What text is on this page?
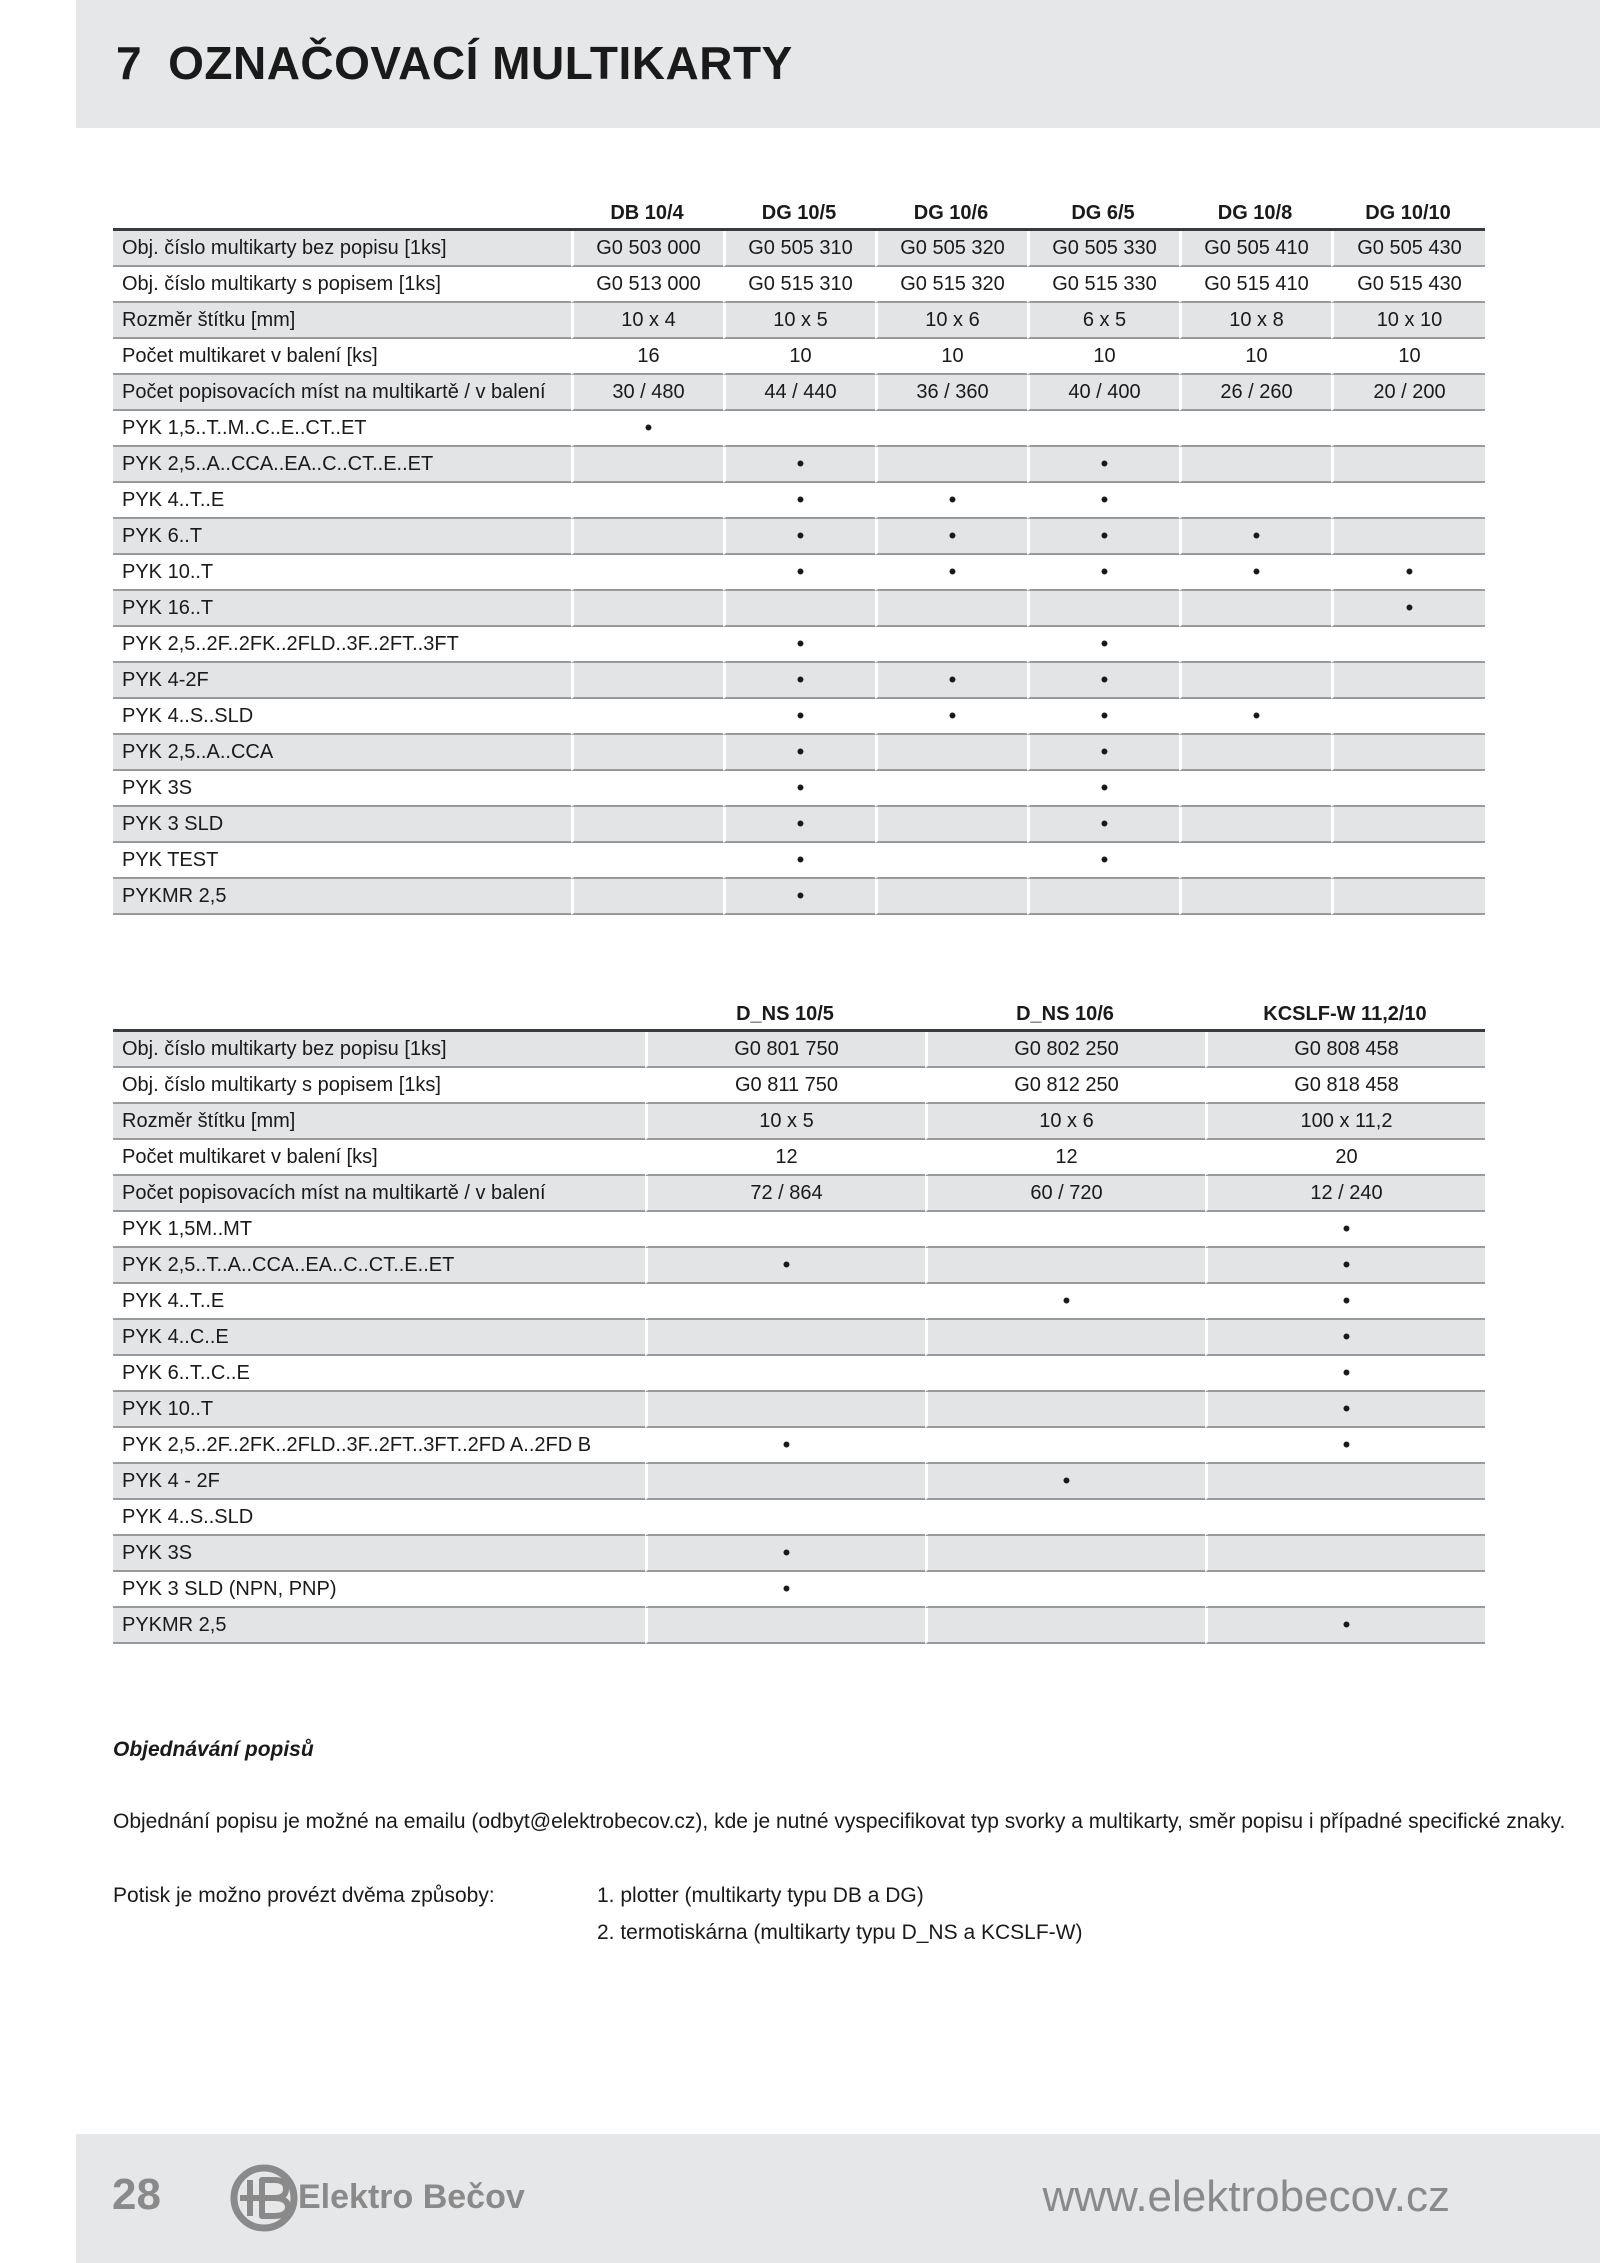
7 OZNAČOVACÍ MULTIKARTY
	DB 10/4	DG 10/5	DG 10/6	DG 6/5	DG 10/8	DG 10/10
Obj. číslo multikarty bez popisu [1ks]	G0 503 000	G0 505 310	G0 505 320	G0 505 330	G0 505 410	G0 505 430
Obj. číslo multikarty s popisem [1ks]	G0 513 000	G0 515 310	G0 515 320	G0 515 330	G0 515 410	G0 515 430
Rozměr štítku [mm]	10 x 4	10 x 5	10 x 6	6 x 5	10 x 8	10 x 10
Počet multikaret v balení [ks]	16	10	10	10	10	10
Počet popisovacích míst na multikartě / v balení	30 / 480	44 / 440	36 / 360	40 / 400	26 / 260	20 / 200
PYK 1,5..T..M..C..E..CT..ET	•					
PYK 2,5..A..CCA..EA..C..CT..E..ET		•		•		
PYK 4..T..E		•	•	•		
PYK 6..T		•	•	•	•	
PYK 10..T		•	•	•	•	•
PYK 16..T						•
PYK 2,5..2F..2FK..2FLD..3F..2FT..3FT		•		•		
PYK 4-2F		•	•	•		
PYK 4..S..SLD		•	•	•	•	
PYK 2,5..A..CCA		•		•		
PYK 3S		•		•		
PYK 3 SLD		•		•		
PYK TEST		•		•		
PYKMR 2,5		•				
	D_NS 10/5	D_NS 10/6	KCSLF-W 11,2/10
Obj. číslo multikarty bez popisu [1ks]	G0 801 750	G0 802 250	G0 808 458
Obj. číslo multikarty s popisem [1ks]	G0 811 750	G0 812 250	G0 818 458
Rozměr štítku [mm]	10 x 5	10 x 6	100 x 11,2
Počet multikaret v balení [ks]	12	12	20
Počet popisovacích míst na multikartě / v balení	72 / 864	60 / 720	12 / 240
PYK 1,5M..MT			•
PYK 2,5..T..A..CCA..EA..C..CT..E..ET	•		•
PYK 4..T..E		•	•
PYK 4..C..E			•
PYK 6..T..C..E			•
PYK 10..T			•
PYK 2,5..2F..2FK..2FLD..3F..2FT..3FT..2FD A..2FD B	•		•
PYK 4 - 2F		•	
PYK 4..S..SLD			
PYK 3S	•		
PYK 3 SLD (NPN, PNP)	•		
PYKMR 2,5			•
Objednávání popisů

Objednání popisu je možné na emailu (odbyt@elektrobecov.cz), kde je nutné vyspecifikovat typ svorky a multikarty, směr popisu i případné specifické znaky.

Potisk je možno provézt dvěma způsoby:	1. plotter (multikarty typu DB a DG)
2. termotiskárna (multikarty typu D_NS a KCSLF-W)
28	Elektro Bečov	www.elektrobecov.cz
